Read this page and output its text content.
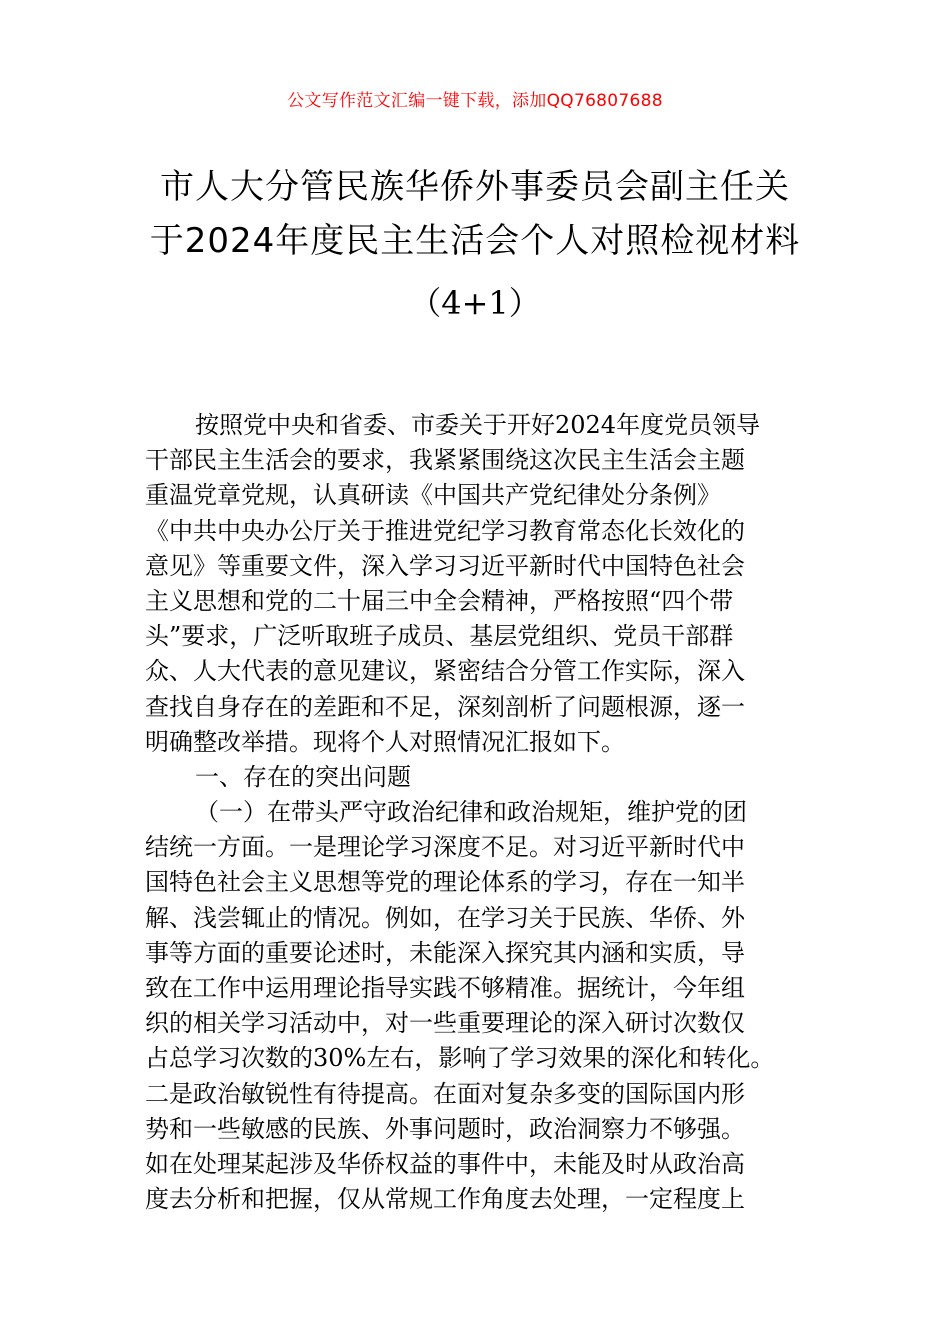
公文写作范文汇编一键下载，添加QQ76807688
市人大分管民族华侨外事委员会副主任关
于2024年度民主生活会个人对照检视材料
（4+1）
按照党中央和省委、市委关于开好2024年度党员领导
干部民主生活会的要求，我紧紧围绕这次民主生活会主题
重温党章党规，认真研读《中国共产党纪律处分条例》
《中共中央办公厅关于推进党纪学习教育常态化长效化的
意见》等重要文件，深入学习习近平新时代中国特色社会
主义思想和党的二十届三中全会精神，严格按照“四个带
头”要求，广泛听取班子成员、基层党组织、党员干部群
众、人大代表的意见建议，紧密结合分管工作实际，深入
查找自身存在的差距和不足，深刻剖析了问题根源，逐一
明确整改举措。现将个人对照情况汇报如下。
一、存在的突出问题
（一）在带头严守政治纪律和政治规矩，维护党的团
结统一方面。一是理论学习深度不足。对习近平新时代中
国特色社会主义思想等党的理论体系的学习，存在一知半
解、浅尝辄止的情况。例如，在学习关于民族、华侨、外
事等方面的重要论述时，未能深入探究其内涵和实质，导
致在工作中运用理论指导实践不够精准。据统计，今年组
织的相关学习活动中，对一些重要理论的深入研讨次数仅
占总学习次数的30%左右，影响了学习效果的深化和转化。
二是政治敏锐性有待提高。在面对复杂多变的国际国内形
势和一些敏感的民族、外事问题时，政治洞察力不够强。
如在处理某起涉及华侨权益的事件中，未能及时从政治高
度去分析和把握，仅从常规工作角度去处理，一定程度上
